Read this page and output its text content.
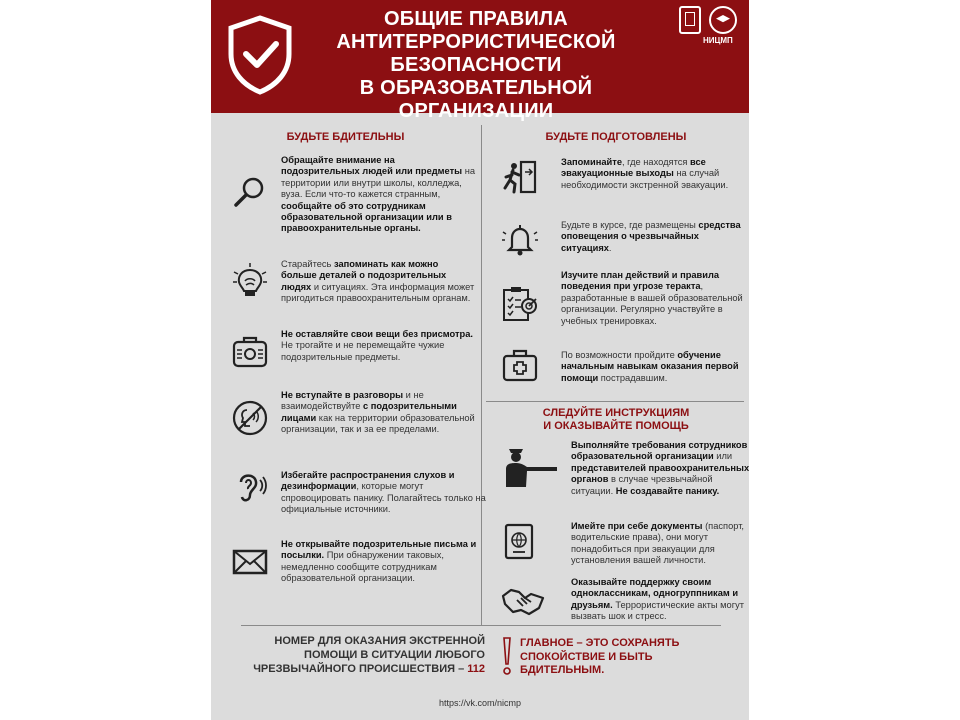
ОБЩИЕ ПРАВИЛА
АНТИТЕРРОРИСТИЧЕСКОЙ
БЕЗОПАСНОСТИ
В ОБРАЗОВАТЕЛЬНОЙ ОРГАНИЗАЦИИ
НИЦМП
БУДЬТЕ БДИТЕЛЬНЫ
Обращайте внимание на подозрительных людей или предметы на территории или внутри школы, колледжа, вуза. Если что-то кажется странным, сообщайте об это сотрудникам образовательной организации или в правоохранительные органы.
Старайтесь запоминать как можно больше деталей о подозрительных людях и ситуациях. Эта информация может пригодиться правоохранительным органам.
Не оставляйте свои вещи без присмотра. Не трогайте и не перемещайте чужие подозрительные предметы.
Не вступайте в разговоры и не взаимодействуйте с подозрительными лицами как на территории образовательной организации, так и за ее пределами.
Избегайте распространения слухов и дезинформации, которые могут спровоцировать панику. Полагайтесь только на официальные источники.
Не открывайте подозрительные письма и посылки. При обнаружении таковых, немедленно сообщите сотрудникам образовательной организации.
БУДЬТЕ ПОДГОТОВЛЕНЫ
Запоминайте, где находятся все эвакуационные выходы на случай необходимости экстренной эвакуации.
Будьте в курсе, где размещены средства оповещения о чрезвычайных ситуациях.
Изучите план действий и правила поведения при угрозе теракта, разработанные в вашей образовательной организации. Регулярно участвуйте в учебных тренировках.
По возможности пройдите обучение начальным навыкам оказания первой помощи пострадавшим.
СЛЕДУЙТЕ ИНСТРУКЦИЯМ
И ОКАЗЫВАЙТЕ ПОМОЩЬ
Выполняйте требования сотрудников образовательной организации или представителей правоохранительных органов в случае чрезвычайной ситуации. Не создавайте панику.
Имейте при себе документы (паспорт, водительские права), они могут понадобиться при эвакуации для установления вашей личности.
Оказывайте поддержку своим одноклассникам, одногруппникам и друзьям. Террористические акты могут вызвать шок и стресс.
НОМЕР ДЛЯ ОКАЗАНИЯ ЭКСТРЕННОЙ
ПОМОЩИ В СИТУАЦИИ ЛЮБОГО
ЧРЕЗВЫЧАЙНОГО ПРОИСШЕСТВИЯ – 112
ГЛАВНОЕ – ЭТО СОХРАНЯТЬ
СПОКОЙСТВИЕ И БЫТЬ
БДИТЕЛЬНЫМ.
https://vk.com/nicmp
